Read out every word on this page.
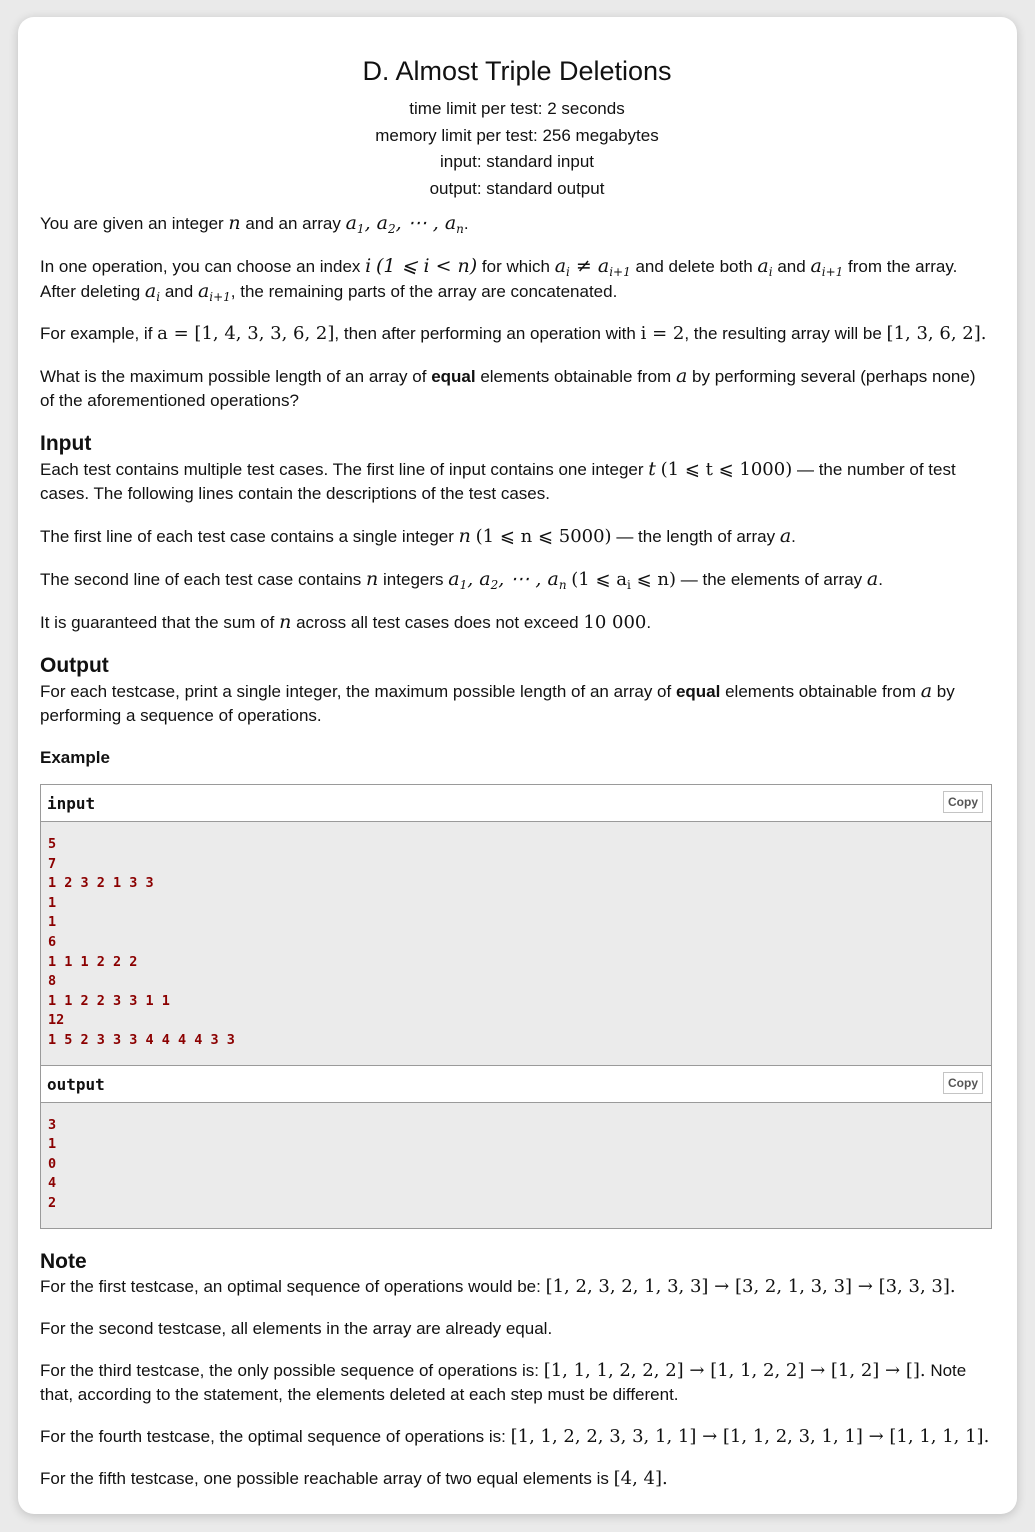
D. Almost Triple Deletions
time limit per test: 2 seconds
memory limit per test: 256 megabytes
input: standard input
output: standard output

You are given an integer n and an array $a_1$, $a_2$, ⋯ , $a_n$.

In one operation, you can choose an index i (1 ⩽ i < n) for which $a_i \ne a_{i+1}$ and delete both $a_i$ and $a_{i+1}$ from the array. After deleting $a_i$ and $a_{i+1}$, the remaining parts of the array are concatenated.

For example, if a = [1, 4, 3, 3, 6, 2], then after performing an operation with i = 2, the resulting array will be [1, 3, 6, 2].

What is the maximum possible length of an array of equal elements obtainable from a by performing several (perhaps none) of the aforementioned operations?

Input

Each test contains multiple test cases. The first line of input contains one integer t (1 ⩽ t ⩽ 1000) — the number of test cases. The following lines contain the descriptions of the test cases.

The first line of each test case contains a single integer n (1 ⩽ n ⩽ 5000) — the length of array a.

The second line of each test case contains n integers $a_1$, $a_2$, ⋯ , $a_n$ (1 ⩽ $a_i$ ⩽ n) — the elements of array a.

It is guaranteed that the sum of n across all test cases does not exceed 10 000.

Output

For each testcase, print a single integer, the maximum possible length of an array of equal elements obtainable from a by performing a sequence of operations.

Example
input	Copy
5
7
1 2 3 2 1 3 3
1
1
6
1 1 1 2 2 2
8
1 1 2 2 3 3 1 1
12
1 5 2 3 3 3 4 4 4 4 3 3
output	Copy
3
1
0
4
2
Note

For the first testcase, an optimal sequence of operations would be: [1, 2, 3, 2, 1, 3, 3] → [3, 2, 1, 3, 3] → [3, 3, 3].

For the second testcase, all elements in the array are already equal.

For the third testcase, the only possible sequence of operations is: [1, 1, 1, 2, 2, 2] → [1, 1, 2, 2] → [1, 2] → []. Note that, according to the statement, the elements deleted at each step must be different.

For the fourth testcase, the optimal sequence of operations is: [1, 1, 2, 2, 3, 3, 1, 1] → [1, 1, 2, 3, 1, 1] → [1, 1, 1, 1].

For the fifth testcase, one possible reachable array of two equal elements is [4, 4].
